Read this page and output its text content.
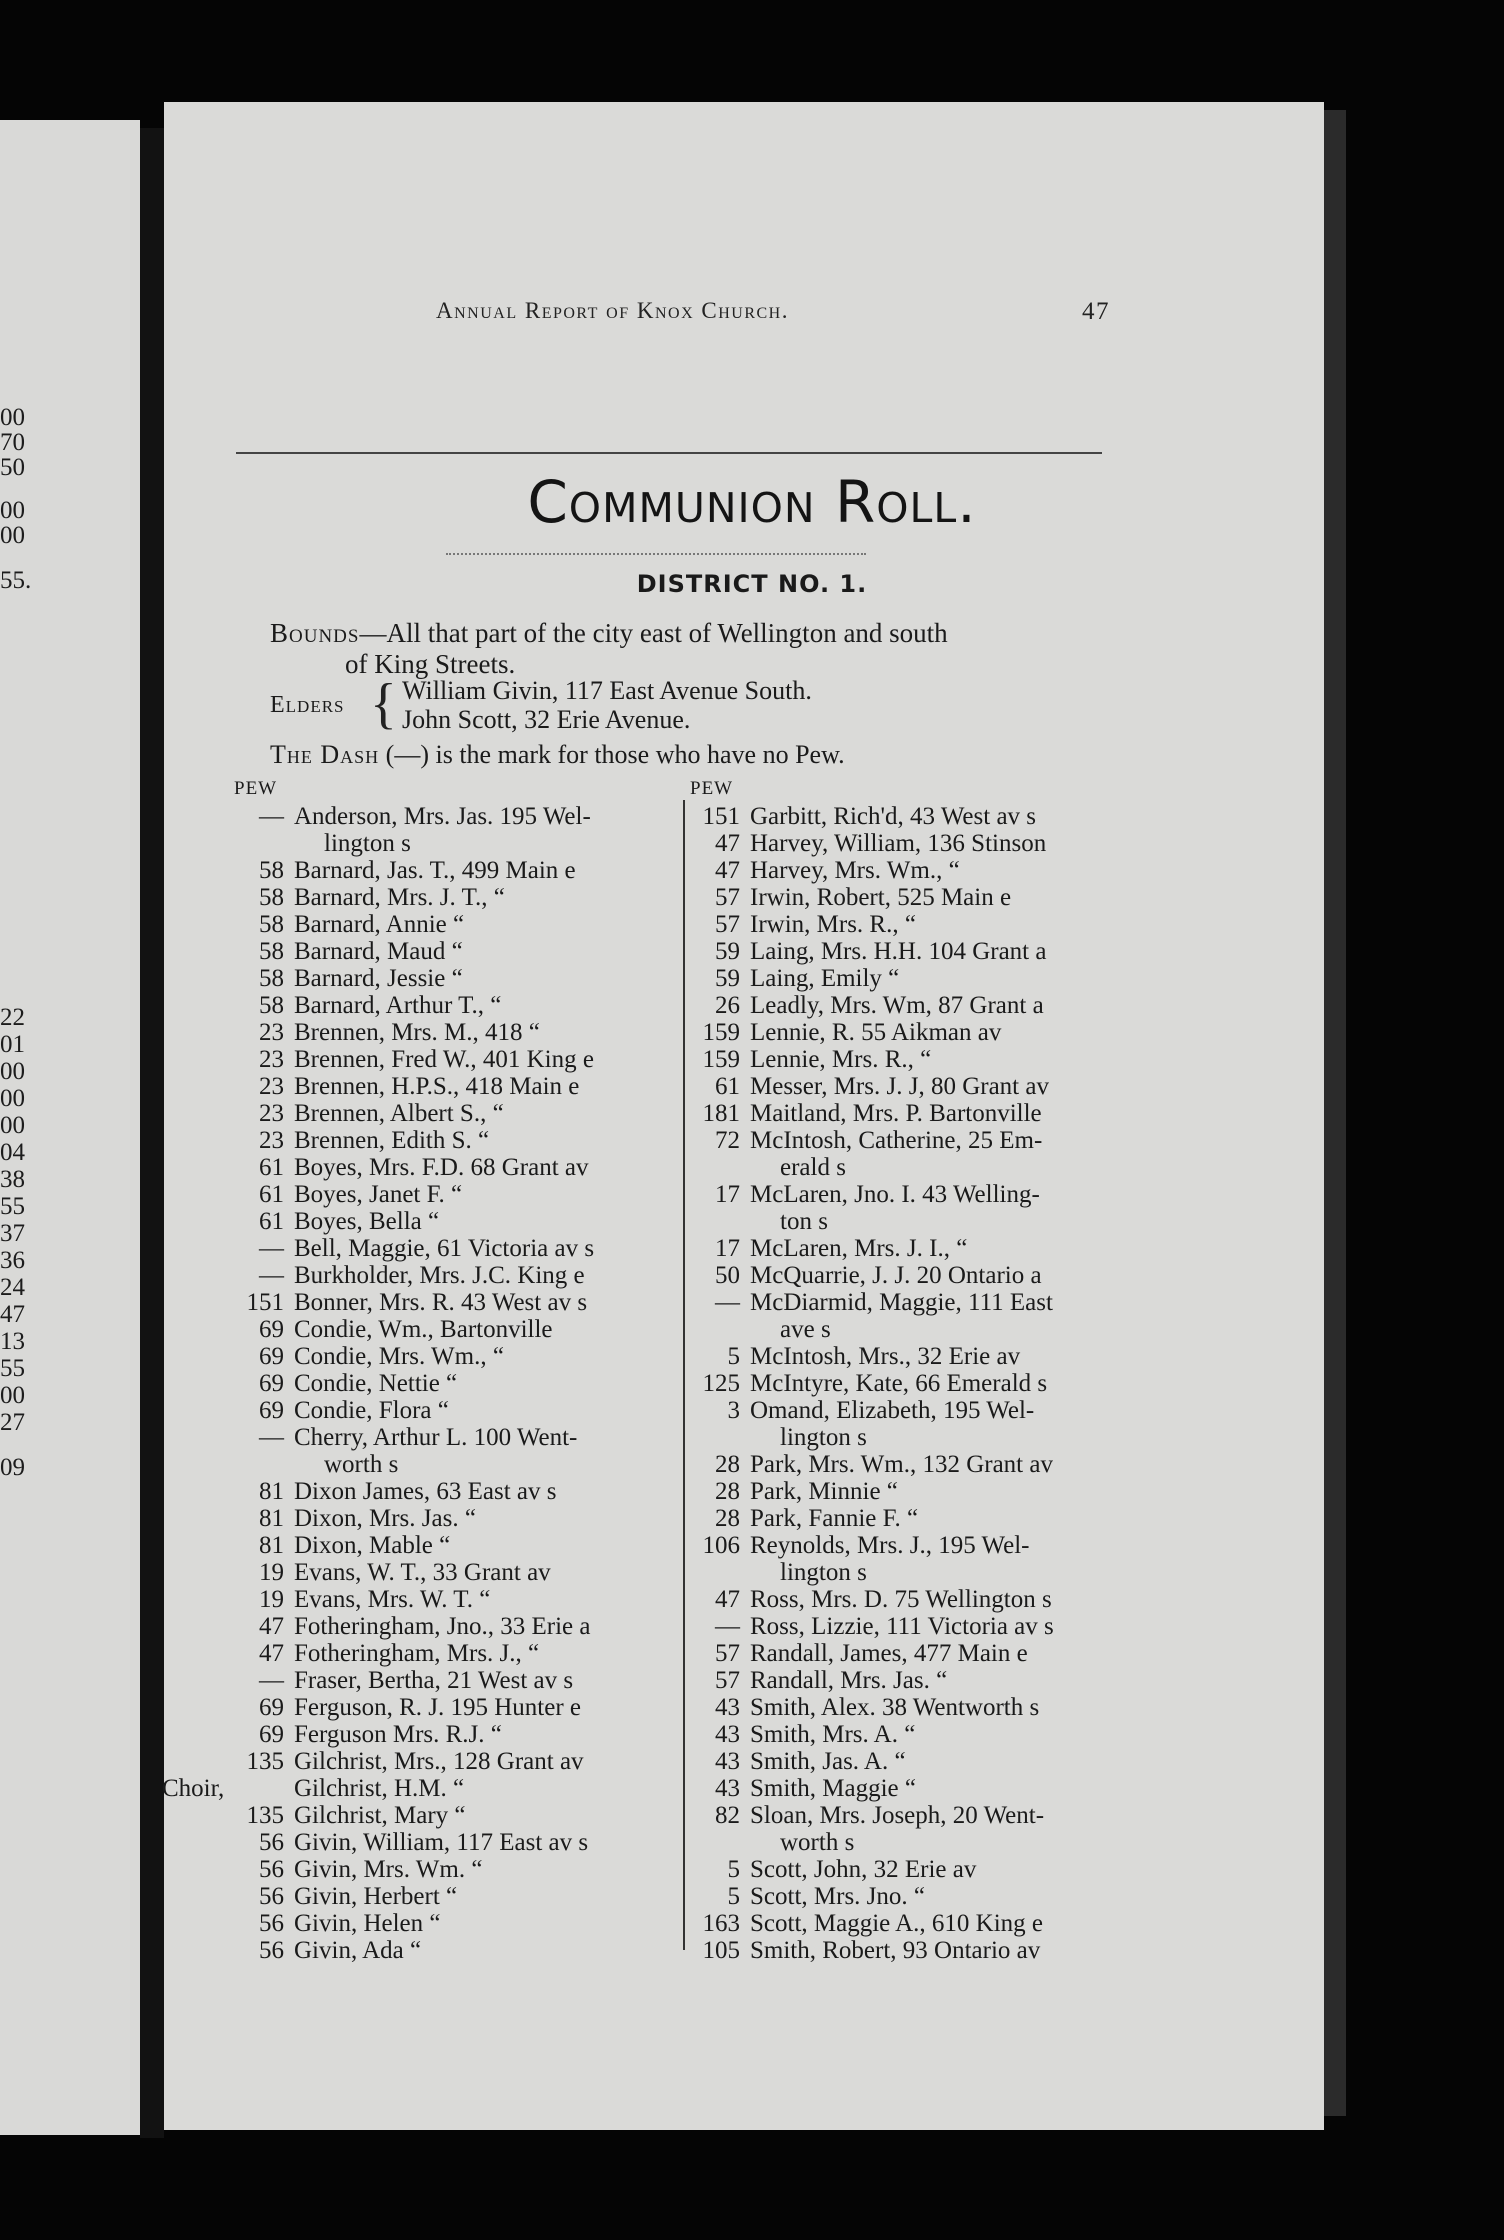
00
70
50
00
00
55.
22
01
00
00
00
04
38
55
37
36
24
47
13
55
00
27
09
Annual Report of Knox Church.	47
Communion Roll.
DISTRICT NO. 1.
Bounds—All that part of the city east of Wellington and south
of King Streets.
Elders { William Givin, 117 East Avenue South.
John Scott, 32 Erie Avenue.
The Dash (—) is the mark for those who have no Pew.
PEW
— Anderson, Mrs. Jas. 195 Wel-
lington s
58 Barnard, Jas. T., 499 Main e
58 Barnard, Mrs. J. T., “
58 Barnard, Annie “
58 Barnard, Maud “
58 Barnard, Jessie “
58 Barnard, Arthur T., “
23 Brennen, Mrs. M., 418 “
23 Brennen, Fred W., 401 King e
23 Brennen, H.P.S., 418 Main e
23 Brennen, Albert S., “
23 Brennen, Edith S. “
61 Boyes, Mrs. F.D. 68 Grant av
61 Boyes, Janet F. “
61 Boyes, Bella “
— Bell, Maggie, 61 Victoria av s
— Burkholder, Mrs. J.C. King e
151 Bonner, Mrs. R. 43 West av s
69 Condie, Wm., Bartonville
69 Condie, Mrs. Wm., “
69 Condie, Nettie “
69 Condie, Flora “
— Cherry, Arthur L. 100 Went-
worth s
81 Dixon James, 63 East av s
81 Dixon, Mrs. Jas. “
81 Dixon, Mable “
19 Evans, W. T., 33 Grant av
19 Evans, Mrs. W. T. “
47 Fotheringham, Jno., 33 Erie a
47 Fotheringham, Mrs. J., “
— Fraser, Bertha, 21 West av s
69 Ferguson, R. J. 195 Hunter e
69 Ferguson Mrs. R.J. “
135 Gilchrist, Mrs., 128 Grant av
Choir,	Gilchrist, H.M. “
135 Gilchrist, Mary “
56 Givin, William, 117 East av s
56 Givin, Mrs. Wm. “
56 Givin, Herbert “
56 Givin, Helen “
56 Givin, Ada “
PEW
151 Garbitt, Rich'd, 43 West av s
47 Harvey, William, 136 Stinson
47 Harvey, Mrs. Wm., “
57 Irwin, Robert, 525 Main e
57 Irwin, Mrs. R., “
59 Laing, Mrs. H.H. 104 Grant a
59 Laing, Emily “
26 Leadly, Mrs. Wm, 87 Grant a
159 Lennie, R. 55 Aikman av
159 Lennie, Mrs. R., “
61 Messer, Mrs. J. J, 80 Grant av
181 Maitland, Mrs. P. Bartonville
72 McIntosh, Catherine, 25 Em-
erald s
17 McLaren, Jno. I. 43 Welling-
ton s
17 McLaren, Mrs. J. I., “
50 McQuarrie, J. J. 20 Ontario a
— McDiarmid, Maggie, 111 East
ave s
5 McIntosh, Mrs., 32 Erie av
125 McIntyre, Kate, 66 Emerald s
3 Omand, Elizabeth, 195 Wel-
lington s
28 Park, Mrs. Wm., 132 Grant av
28 Park, Minnie “
28 Park, Fannie F. “
106 Reynolds, Mrs. J., 195 Wel-
lington s
47 Ross, Mrs. D. 75 Wellington s
— Ross, Lizzie, 111 Victoria av s
57 Randall, James, 477 Main e
57 Randall, Mrs. Jas. “
43 Smith, Alex. 38 Wentworth s
43 Smith, Mrs. A. “
43 Smith, Jas. A. “
43 Smith, Maggie “
82 Sloan, Mrs. Joseph, 20 Went-
worth s
5 Scott, John, 32 Erie av
5 Scott, Mrs. Jno. “
163 Scott, Maggie A., 610 King e
105 Smith, Robert, 93 Ontario av
